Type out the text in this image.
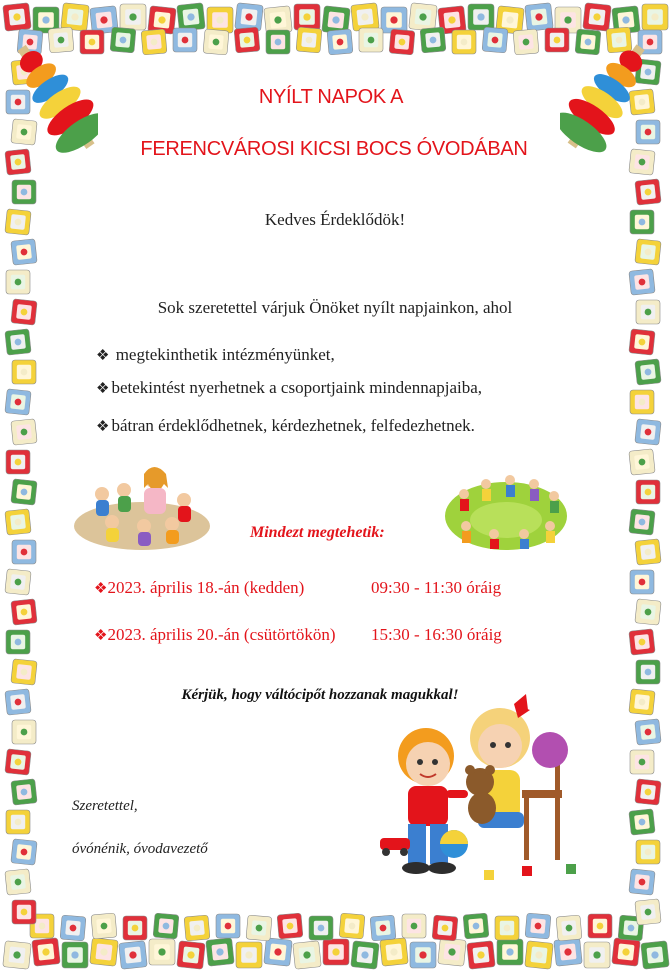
NYÍLT NAPOK A
FERENCVÁROSI KICSI BOCS ÓVODÁBAN
Kedves Érdeklődök!
Sok szeretettel várjuk Önöket nyílt napjainkon, ahol
❖ megtekinthetik intézményünket,
❖ betekintést nyerhetnek a csoportjaink mindennapjaiba,
❖ bátran érdeklődhetnek, kérdezhetnek, felfedezhetnek.
Mindezt megtehetik:
❖2023. április 18.-án (kedden)	09:30 - 11:30 óráig
❖2023. április 20.-án (csütörtökön) 15:30 - 16:30 óráig
Kérjük, hogy váltócipőt hozzanak magukkal!
Szeretettel,
óvónénik, óvodavezető
